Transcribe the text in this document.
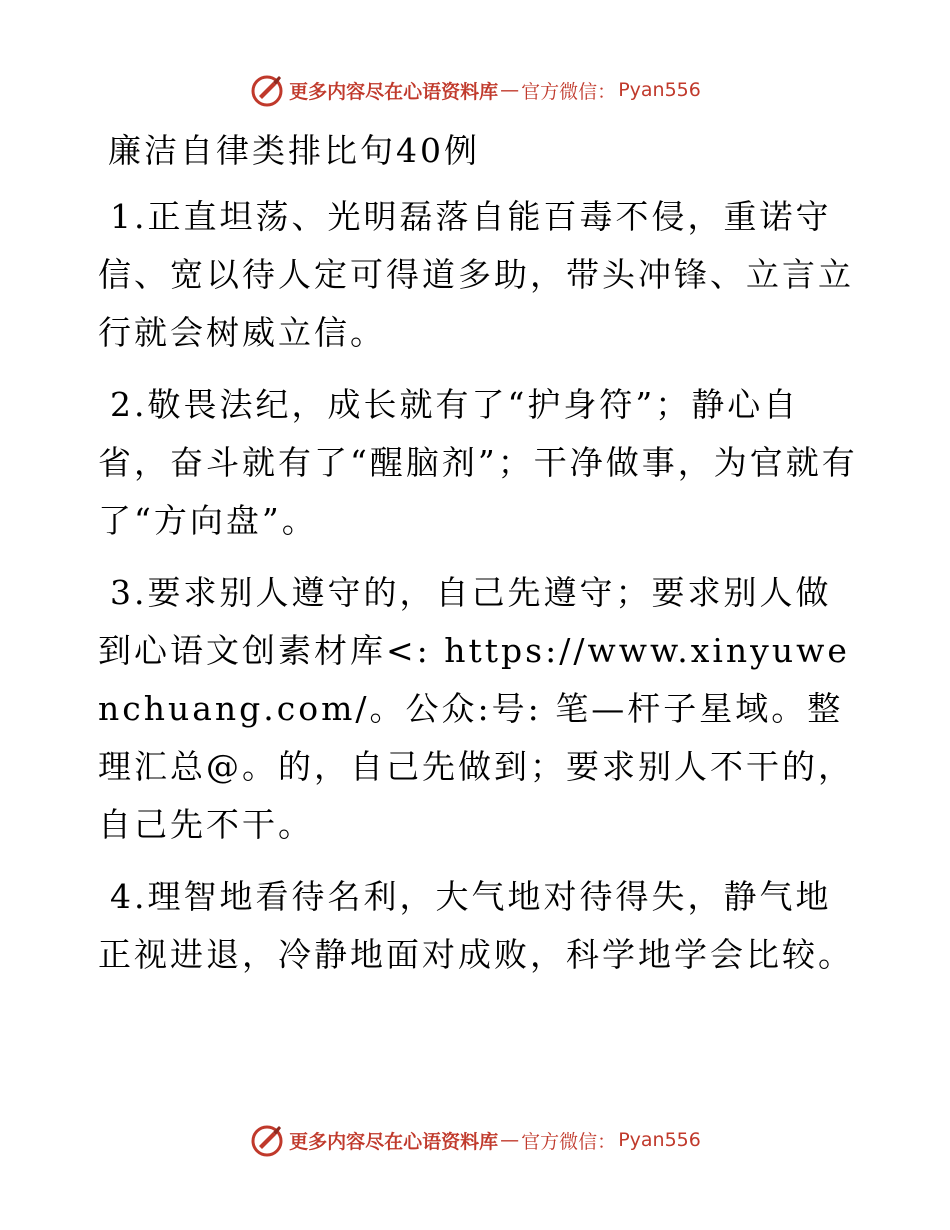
更多内容尽在心语资料库 — 官方微信： Pyan556
廉洁自律类排比句40例

1.正直坦荡、光明磊落自能百毒不侵，重诺守信、宽以待人定可得道多助，带头冲锋、立言立行就会树威立信。

2.敬畏法纪，成长就有了“护身符”；静心自省，奋斗就有了“醒脑剂”；干净做事，为官就有了“方向盘”。

3.要求别人遵守的，自己先遵守；要求别人做到心语文创素材库<: https://www.xinyuwenchuang.com/。公众:号: 笔—杆子星域。整理汇总@。的，自己先做到；要求别人不干的，自己先不干。

4.理智地看待名利，大气地对待得失，静气地正视进退，冷静地面对成败，科学地学会比较。

更多内容尽在心语资料库 — 官方微信： Pyan556
